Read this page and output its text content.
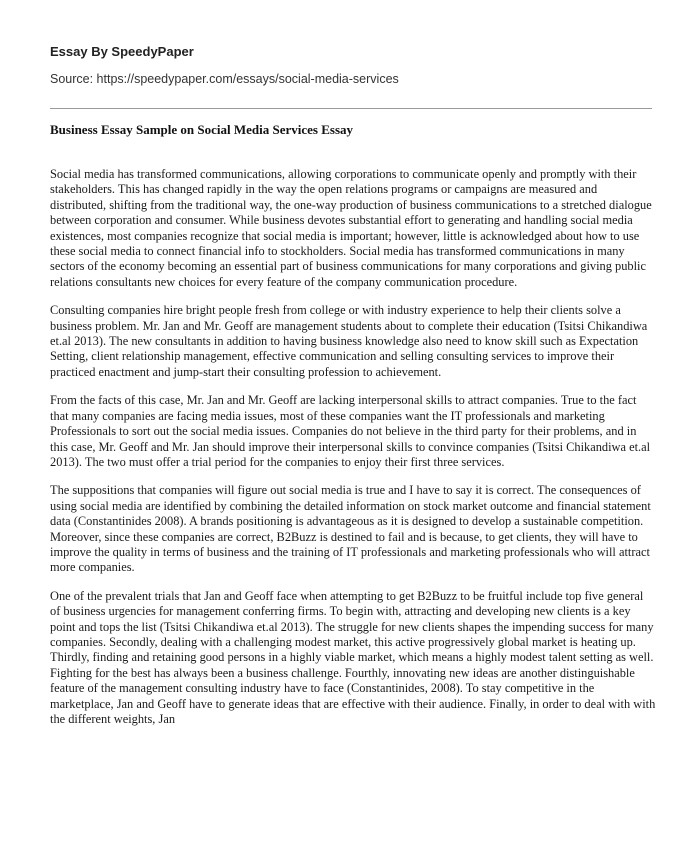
Essay By SpeedyPaper
Source: https://speedypaper.com/essays/social-media-services
Business Essay Sample on Social Media Services Essay

Social media has transformed communications, allowing corporations to communicate openly and promptly with their stakeholders. This has changed rapidly in the way the open relations programs or campaigns are measured and distributed, shifting from the traditional way, the one-way production of business communications to a stretched dialogue between corporation and consumer. While business devotes substantial effort to generating and handling social media existences, most companies recognize that social media is important; however, little is acknowledged about how to use these social media to connect financial info to stockholders. Social media has transformed communications in many sectors of the economy becoming an essential part of business communications for many corporations and giving public relations consultants new choices for every feature of the company communication procedure.

Consulting companies hire bright people fresh from college or with industry experience to help their clients solve a business problem. Mr. Jan and Mr. Geoff are management students about to complete their education (Tsitsi Chikandiwa et.al 2013). The new consultants in addition to having business knowledge also need to know skill such as Expectation Setting, client relationship management, effective communication and selling consulting services to improve their practiced enactment and jump-start their consulting profession to achievement.

From the facts of this case, Mr. Jan and Mr. Geoff are lacking interpersonal skills to attract companies. True to the fact that many companies are facing media issues, most of these companies want the IT professionals and marketing Professionals to sort out the social media issues. Companies do not believe in the third party for their problems, and in this case, Mr. Geoff and Mr. Jan should improve their interpersonal skills to convince companies (Tsitsi Chikandiwa et.al 2013). The two must offer a trial period for the companies to enjoy their first three services.

The suppositions that companies will figure out social media is true and I have to say it is correct. The consequences of using social media are identified by combining the detailed information on stock market outcome and financial statement data (Constantinides 2008). A brands positioning is advantageous as it is designed to develop a sustainable competition. Moreover, since these companies are correct, B2Buzz is destined to fail and is because, to get clients, they will have to improve the quality in terms of business and the training of IT professionals and marketing professionals who will attract more companies.

One of the prevalent trials that Jan and Geoff face when attempting to get B2Buzz to be fruitful include top five general of business urgencies for management conferring firms. To begin with, attracting and developing new clients is a key point and tops the list (Tsitsi Chikandiwa et.al 2013). The struggle for new clients shapes the impending success for many companies. Secondly, dealing with a challenging modest market, this active progressively global market is heating up. Thirdly, finding and retaining good persons in a highly viable market, which means a highly modest talent setting as well. Fighting for the best has always been a business challenge. Fourthly, innovating new ideas are another distinguishable feature of the management consulting industry have to face (Constantinides, 2008). To stay competitive in the marketplace, Jan and Geoff have to generate ideas that are effective with their audience. Finally, in order to deal with with the different weights, Jan
